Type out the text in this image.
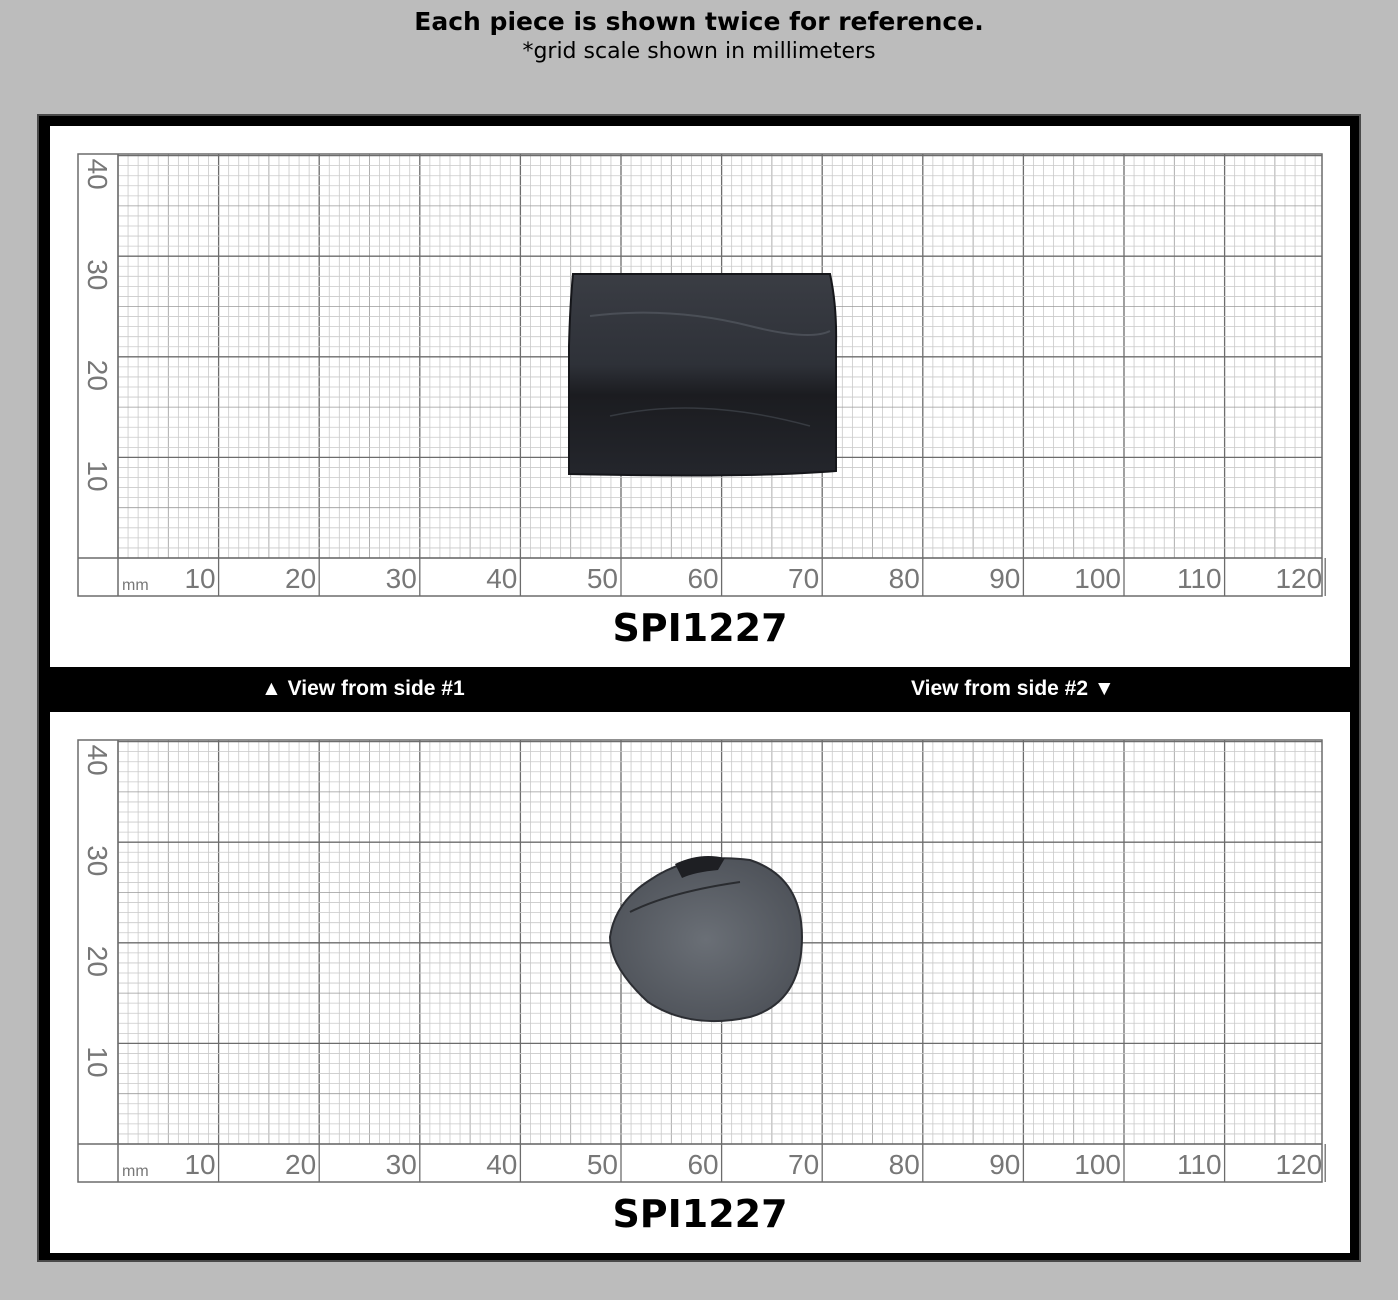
Each piece is shown twice for reference.
*grid scale shown in millimeters
10 20 30 40 50 60 70 80 90 100 110 120
mm
10
20
30
40
SPI1227
▲ View from side #1	View from side #2 ▼
10 20 30 40 50 60 70 80 90 100 110 120
mm
10
20
30
40
SPI1227
